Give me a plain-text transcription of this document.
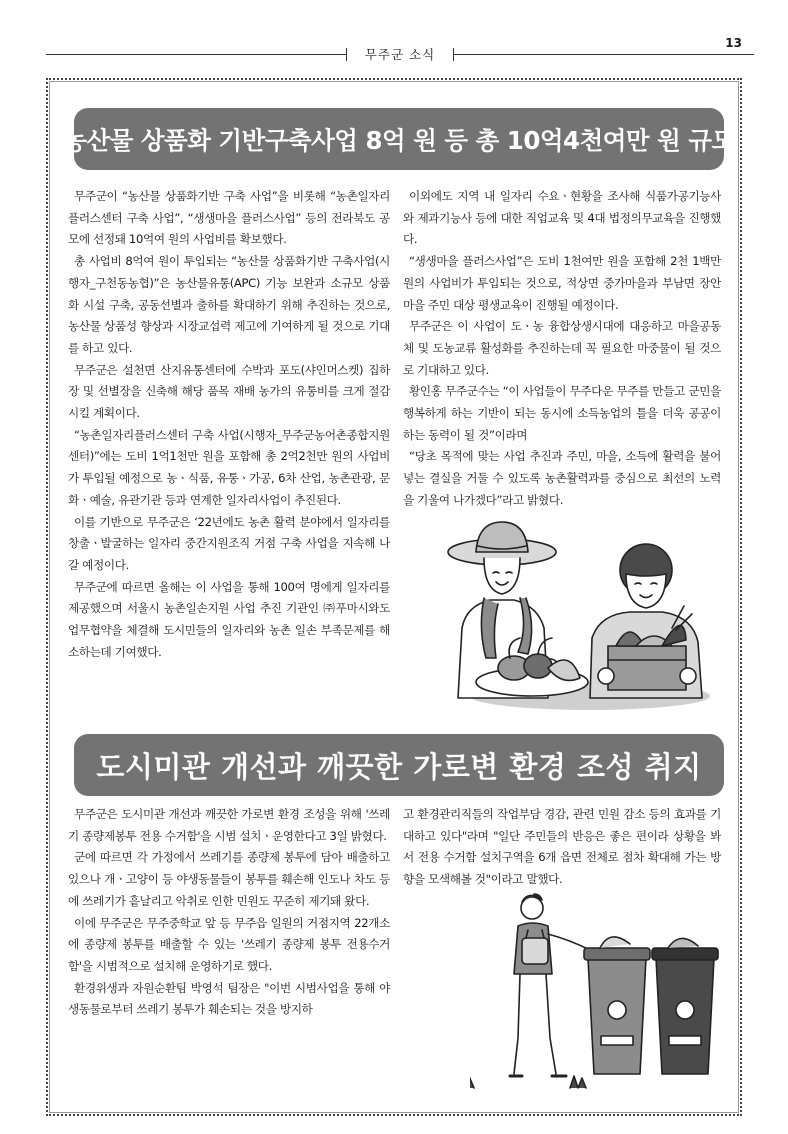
13
무주군 소식
농산물 상품화 기반구축사업 8억 원 등 총 10억4천여만 원 규모

무주군이 “농산물 상품화기반 구축 사업”을 비롯해 “농촌일자리플러스센터 구축 사업”, “생생마을 플러스사업” 등의 전라북도 공모에 선정돼 10억여 원의 사업비를 확보했다.

총 사업비 8억여 원이 투입되는 “농산물 상품화기반 구축사업(시행자_구천동농협)”은 농산물유통(APC) 기능 보완과 소규모 상품화 시설 구축, 공동선별과 출하를 확대하기 위해 추진하는 것으로, 농산물 상품성 향상과 시장교섭력 제고에 기여하게 될 것으로 기대를 하고 있다.

무주군은 설천면 산지유통센터에 수박과 포도(샤인머스켓) 집하장 및 선별장을 신축해 해당 품목 재배 농가의 유통비를 크게 절감시킬 계획이다.

“농촌일자리플러스센터 구축 사업(시행자_무주군농어촌종합지원센터)”에는 도비 1억1천만 원을 포함해 총 2억2천만 원의 사업비가 투입될 예정으로 농ㆍ식품, 유통ㆍ가공, 6차 산업, 농촌관광, 문화ㆍ예술, 유관기관 등과 연계한 일자리사업이 추진된다.

이를 기반으로 무주군은 ‘22년에도 농촌 활력 분야에서 일자리를 창출ㆍ발굴하는 일자리 중간지원조직 거점 구축 사업을 지속해 나갈 예정이다.

무주군에 따르면 올해는 이 사업을 통해 100여 명에게 일자리를 제공했으며 서울시 농촌일손지원 사업 추진 기관인 ㈜푸마시와도 업무협약을 체결해 도시민들의 일자리와 농촌 일손 부족문제를 해소하는데 기여했다.

이외에도 지역 내 일자리 수요ㆍ현황을 조사해 식품가공기능사와 제과기능사 등에 대한 직업교육 및 4대 법정의무교육을 진행했다.

“생생마을 플러스사업”은 도비 1천여만 원을 포함해 2천 1백만 원의 사업비가 투입되는 것으로, 적상면 중가마을과 부남면 장안마을 주민 대상 평생교육이 진행될 예정이다.

무주군은 이 사업이 도ㆍ농 융합상생시대에 대응하고 마을공동체 및 도농교류 활성화를 추진하는데 꼭 필요한 마중물이 될 것으로 기대하고 있다.

황인홍 무주군수는 “이 사업들이 무주다운 무주를 만들고 군민을 행복하게 하는 기반이 되는 동시에 소득농업의 틀을 더욱 공공이 하는 동력이 될 것”이라며

“당초 목적에 맞는 사업 추진과 주민, 마을, 소득에 활력을 불어 넣는 결실을 거둘 수 있도록 농촌활력과를 중심으로 최선의 노력을 기울여 나가겠다”라고 밝혔다.

도시미관 개선과 깨끗한 가로변 환경 조성 취지

무주군은 도시미관 개선과 깨끗한 가로변 환경 조성을 위해 '쓰레기 종량제봉투 전용 수거함'을 시범 설치ㆍ운영한다고 3일 밝혔다.

군에 따르면 각 가정에서 쓰레기를 종량제 봉투에 담아 배출하고 있으나 개ㆍ고양이 등 야생동물들이 봉투를 훼손해 인도나 차도 등에 쓰레기가 흩날리고 악취로 인한 민원도 꾸준히 제기돼 왔다.

이에 무주군은 무주중학교 앞 등 무주읍 일원의 거점지역 22개소에 종량제 봉투를 배출할 수 있는 '쓰레기 종량제 봉투 전용수거함'을 시범적으로 설치해 운영하기로 했다.

환경위생과 자원순환팀 박영석 팀장은 "이번 시범사업을 통해 야생동물로부터 쓰레기 봉투가 훼손되는 것을 방지하

고 환경관리직들의 작업부담 경감, 관련 민원 감소 등의 효과를 기대하고 있다"라며 "일단 주민들의 반응은 좋은 편이라 상황을 봐서 전용 수거함 설치구역을 6개 읍면 전체로 점차 확대해 가는 방향을 모색해볼 것"이라고 말했다.
